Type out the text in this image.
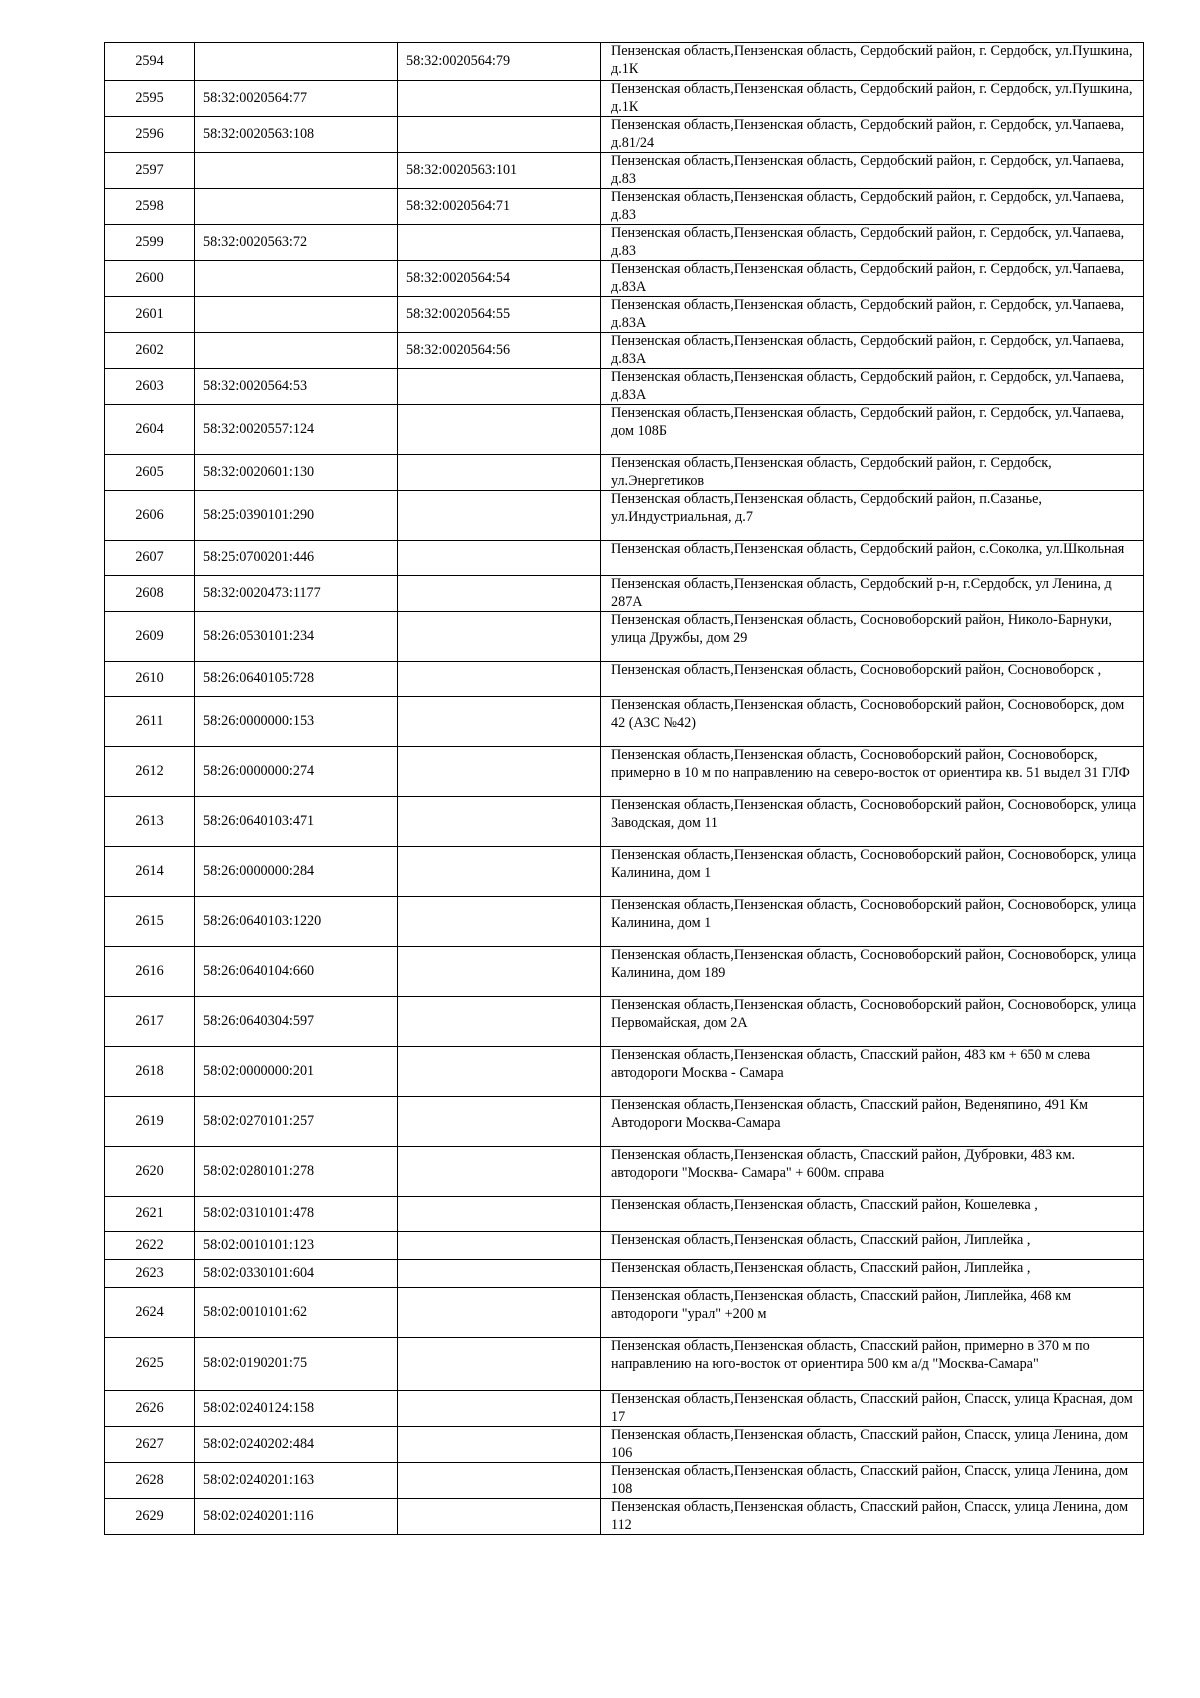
2594		58:32:0020564:79	Пензенская область,Пензенская область, Сердобский район, г. Сердобск, ул.Пушкина, д.1К
2595	58:32:0020564:77		Пензенская область,Пензенская область, Сердобский район, г. Сердобск, ул.Пушкина, д.1К
2596	58:32:0020563:108		Пензенская область,Пензенская область, Сердобский район, г. Сердобск, ул.Чапаева, д.81/24
2597		58:32:0020563:101	Пензенская область,Пензенская область, Сердобский район, г. Сердобск, ул.Чапаева, д.83
2598		58:32:0020564:71	Пензенская область,Пензенская область, Сердобский район, г. Сердобск, ул.Чапаева, д.83
2599	58:32:0020563:72		Пензенская область,Пензенская область, Сердобский район, г. Сердобск, ул.Чапаева, д.83
2600		58:32:0020564:54	Пензенская область,Пензенская область, Сердобский район, г. Сердобск, ул.Чапаева, д.83А
2601		58:32:0020564:55	Пензенская область,Пензенская область, Сердобский район, г. Сердобск, ул.Чапаева, д.83А
2602		58:32:0020564:56	Пензенская область,Пензенская область, Сердобский район, г. Сердобск, ул.Чапаева, д.83А
2603	58:32:0020564:53		Пензенская область,Пензенская область, Сердобский район, г. Сердобск, ул.Чапаева, д.83А
2604	58:32:0020557:124		Пензенская область,Пензенская область, Сердобский район, г. Сердобск, ул.Чапаева, дом 108Б
2605	58:32:0020601:130		Пензенская область,Пензенская область, Сердобский район, г. Сердобск, ул.Энергетиков
2606	58:25:0390101:290		Пензенская область,Пензенская область, Сердобский район, п.Сазанье, ул.Индустриальная, д.7
2607	58:25:0700201:446		Пензенская область,Пензенская область, Сердобский район, с.Соколка, ул.Школьная
2608	58:32:0020473:1177		Пензенская область,Пензенская область, Сердобский р-н, г.Сердобск, ул Ленина, д 287А
2609	58:26:0530101:234		Пензенская область,Пензенская область, Сосновоборский район, Николо-Барнуки, улица Дружбы, дом 29
2610	58:26:0640105:728		Пензенская область,Пензенская область, Сосновоборский район, Сосновоборск ,
2611	58:26:0000000:153		Пензенская область,Пензенская область, Сосновоборский район, Сосновоборск, дом 42 (АЗС №42)
2612	58:26:0000000:274		Пензенская область,Пензенская область, Сосновоборский район, Сосновоборск, примерно в 10 м по направлению на северо-восток от ориентира кв. 51 выдел 31 ГЛФ
2613	58:26:0640103:471		Пензенская область,Пензенская область, Сосновоборский район, Сосновоборск, улица Заводская, дом 11
2614	58:26:0000000:284		Пензенская область,Пензенская область, Сосновоборский район, Сосновоборск, улица Калинина, дом 1
2615	58:26:0640103:1220		Пензенская область,Пензенская область, Сосновоборский район, Сосновоборск, улица Калинина, дом 1
2616	58:26:0640104:660		Пензенская область,Пензенская область, Сосновоборский район, Сосновоборск, улица Калинина, дом 189
2617	58:26:0640304:597		Пензенская область,Пензенская область, Сосновоборский район, Сосновоборск, улица Первомайская, дом 2А
2618	58:02:0000000:201		Пензенская область,Пензенская область, Спасский район, 483 км + 650 м слева автодороги Москва - Самара
2619	58:02:0270101:257		Пензенская область,Пензенская область, Спасский район, Веденяпино, 491 Км Автодороги Москва-Самара
2620	58:02:0280101:278		Пензенская область,Пензенская область, Спасский район, Дубровки, 483 км. автодороги "Москва- Самара" + 600м. справа
2621	58:02:0310101:478		Пензенская область,Пензенская область, Спасский район, Кошелевка ,
2622	58:02:0010101:123		Пензенская область,Пензенская область, Спасский район, Липлейка ,
2623	58:02:0330101:604		Пензенская область,Пензенская область, Спасский район, Липлейка ,
2624	58:02:0010101:62		Пензенская область,Пензенская область, Спасский район, Липлейка, 468 км автодороги "урал" +200 м
2625	58:02:0190201:75		Пензенская область,Пензенская область, Спасский район, примерно в 370 м по направлению на юго-восток от ориентира 500 км а/д "Москва-Самара"
2626	58:02:0240124:158		Пензенская область,Пензенская область, Спасский район, Спасск, улица Красная, дом 17
2627	58:02:0240202:484		Пензенская область,Пензенская область, Спасский район, Спасск, улица Ленина, дом 106
2628	58:02:0240201:163		Пензенская область,Пензенская область, Спасский район, Спасск, улица Ленина, дом 108
2629	58:02:0240201:116		Пензенская область,Пензенская область, Спасский район, Спасск, улица Ленина, дом 112
